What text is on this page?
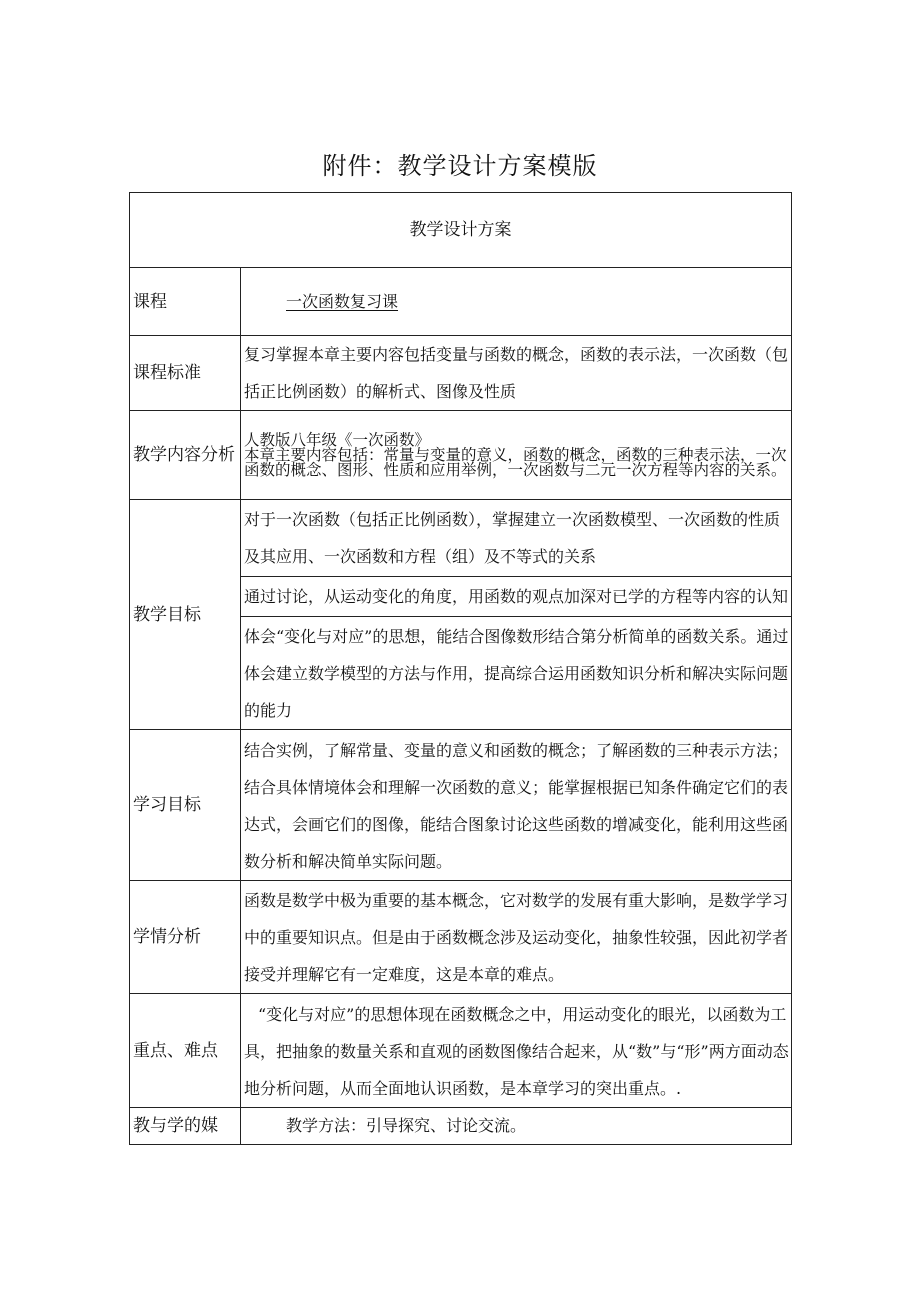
附件：教学设计方案模版
教学设计方案	
课程	一次函数复习课
课程标准	复习掌握本章主要内容包括变量与函数的概念，函数的表示法，一次函数（包括正比例函数）的解析式、图像及性质

教学内容分析	人教版八年级《一次函数》
本章主要内容包括：常量与变量的意义，函数的概念，函数的三种表示法，一次函数的概念、图形、性质和应用举例，一次函数与二元一次方程等内容的关系。

教学目标	对于一次函数（包括正比例函数），掌握建立一次函数模型、一次函数的性质及其应用、一次函数和方程（组）及不等式的关系
通过讨论，从运动变化的角度，用函数的观点加深对已学的方程等内容的认知
体会“变化与对应”的思想，能结合图像数形结合第分析简单的函数关系。通过体会建立数学模型的方法与作用，提高综合运用函数知识分析和解决实际问题的能力

学习目标	结合实例，了解常量、变量的意义和函数的概念；了解函数的三种表示方法；结合具体情境体会和理解一次函数的意义；能掌握根据已知条件确定它们的表达式，会画它们的图像，能结合图象讨论这些函数的增减变化，能利用这些函数分析和解决简单实际问题。

学情分析	函数是数学中极为重要的基本概念，它对数学的发展有重大影响，是数学学习中的重要知识点。但是由于函数概念涉及运动变化，抽象性较强，因此初学者接受并理解它有一定难度，这是本章的难点。

重点、难点	“变化与对应”的思想体现在函数概念之中，用运动变化的眼光，以函数为工具，把抽象的数量关系和直观的函数图像结合起来，从“数”与“形”两方面动态地分析问题，从而全面地认识函数，是本章学习的突出重点。.

教与学的媒	教学方法：引导探究、讨论交流。
